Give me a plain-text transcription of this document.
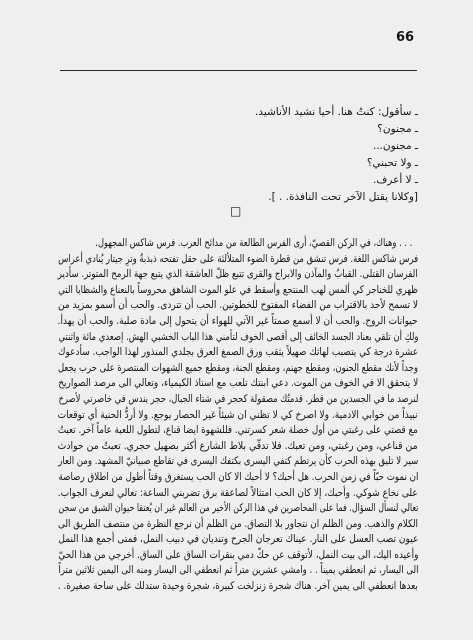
66
ـ سأقول: كنتُ هنا. أحيا نشيد الأناشيد.
ـ مجنون؟
ـ مجنون...
ـ ولا تحبني؟
ـ لا أعرف.
[وكلانا يقتل الآخر تحت النافذة. . ].
□
. . . وهناك، في الركن القصيّ، أرى الفرس الطالعة من مدائح العرب. فرس شاكس المجهول.
فرس شاكس اللغة. فرس تنشق من قطرة الضوء المتلألئة على حقل تفتحه ذبذبةُ وترِ جيتار يُنادي أعراس
الفرسان القتلى. القبابُ والمآذن والابراج والقرى تتبع ظلّ العاشقة الذي يتبع جهة الرمح المتوتر. سأدير
ظهري للخناجر كي ألمس لهب المنتجع وأسقط في علو الموت الشاهق محروساً بالنعناع والشظايا التي
لا تسمح لأحد بالاقتراب من الفضاء المفتوح للخطوتين. الحب أن تتردى. والحب أن أسمو بمزيد من
حيوانات الروح. والحب أن لا أسمع صمتاً غير الآتي للهواء أن يتحول إلى مادة صلبة. والحب أن يهدأ.
ولكِ أن تلقي بعناد الجسد الخائف إلى أقصى الخوف لتأمني هذا الباب الخشبي الهش. إصعدي مائة واثنتي
عشرة درجة كي يتصبب لهاثك صهيلاً يثقب ورق الصمغ العرق بجلدي المنذور لهذا الواجب. سأدعوك
وجداً لأنك مقطع الجنون، ومقطع جهنم، ومقطع الجنة، ومقطع جميع الشهوات المنتصرة على حرب يجعل
لا يتحقق الا في الخوف من الموت. دعي ابنتك تلعب مع استاذ الكيمياء، وتعالي الى مرصد الصواريخ
لنرصد ما في الجسدين من قطر. قدمتُك مصقولة كحجر في شتاء الجبال، حجر يندس في خاصرتي لأصرخ
نبيذاً من خوابي الادمية. ولا اصرخ كي لا تظني ان شيئاً غير الحصار يوجع. ولا أردُّ الحنية أي توقعات
مع قصتي على رغبتي من أول خصلة شعر كسرتني. فللشهوة ايضا قناع، لتطول اللعبة عاماً آخر. تعبتُ
من قناعي، ومن رغبتي، ومن تعبك. فلا تدقّي بلاط الشارع أكثر بصهيل حجري. تعبتُ من حوادث
سير لا تليق بهذه الحرب كأن يرتطم كتفي اليسرى بكتفك اليسرى في تقاطع صبيانيّ المشهد. ومن العار
ان نموت حبّاً في زمن الحرب. هل أحبك؟ لا أحبك الا كان الحب يستغرق وقتاً أطول من اطلاق رصاصة
على نخاع شوكي. وأحبك، إلا كان الحب امتثالاً لصاعقة برق تضربني الساعة: تعالي لنعرف الجواب.
تعالي لنسأل السؤال. فما على المحاصرين في هذا الركن الأخير من العالم غير ان يُعتقا حيوان الشبق من سجن
الكلام والذهب. ومن الظلم ان نتجاور بلا التصاق. من الظلم أن نرجع النظرة من منتصف الطريق الى
عيون تصب العسل على النار. عيناك تعرجان الجرح وتنديان في دبيب النمل، فمتى أجمع هذا النمل
وأعيده اليك، الى بيت النمل، لأتوقف عن حكّ دمي بنقرات الساق على الساق. أخرجي من هذا الحيّ
الى اليسار، ثم انعطفي يميناً . . وامشي عشرين متراً ثم انعطفي الى اليسار ومنه الى اليمين ثلاثين متراً
بعدها انعطفي الى يمين آخر. هناك شجرة زنزلخت كبيرة، شجرة وحيدة ستدلك على ساحة صغيرة. .
